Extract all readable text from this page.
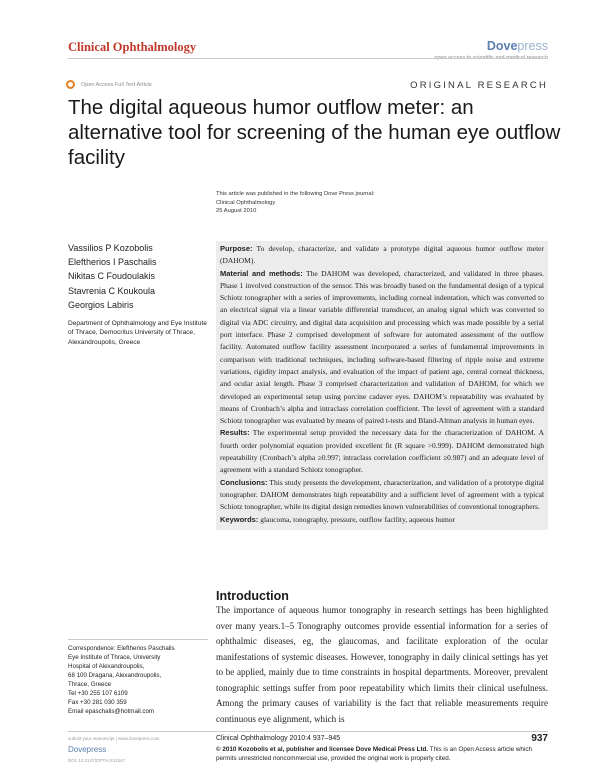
Clinical Ophthalmology	Dovepress
open access to scientific and medical research
Open Access Full Text Article	ORIGINAL RESEARCH
The digital aqueous humor outflow meter: an alternative tool for screening of the human eye outflow facility
This article was published in the following Dove Press journal:
Clinical Ophthalmology
25 August 2010
Vassilios P Kozobolis
Eleftherios I Paschalis
Nikitas C Foudoulakis
Stavrenia C Koukoula
Georgios Labiris
Department of Ophthalmology and Eye Institute of Thrace, Democritus University of Thrace, Alexandroupolis, Greece

Purpose: To develop, characterize, and validate a prototype digital aqueous humor outflow meter (DAHOM).

Material and methods: The DAHOM was developed, characterized, and validated in three phases. Phase 1 involved construction of the sensor. This was broadly based on the fundamental design of a typical Schiotz tonographer with a series of improvements, including corneal indentation, which was converted to an electrical signal via a linear variable differential transducer, an analog signal which was converted to digital via ADC circuitry, and digital data acquisition and processing which was made possible by a serial port interface. Phase 2 comprised development of software for automated assessment of the outflow facility. Automated outflow facility assessment incorporated a series of fundamental improvements in comparison with traditional techniques, including software-based filtering of ripple noise and extreme variations, rigidity impact analysis, and evaluation of the impact of patient age, central corneal thickness, and ocular axial length. Phase 3 comprised characterization and validation of DAHOM, for which we developed an experimental setup using porcine cadaver eyes. DAHOM’s repeatability was evaluated by means of Cronbach’s alpha and intraclass correlation coefficient. The level of agreement with a standard Schiotz tonographer was evaluated by means of paired t-tests and Bland-Altman analysis in human eyes.

Results: The experimental setup provided the necessary data for the characterization of DAHOM. A fourth order polynomial equation provided excellent fit (R square >0.999). DAHOM demonstrated high repeatability (Cronbach’s alpha ≥0.997; intraclass correlation coefficient ≥0.987) and an adequate level of agreement with a standard Schiotz tonographer.

Conclusions: This study presents the development, characterization, and validation of a prototype digital tonographer. DAHOM demonstrates high repeatability and a sufficient level of agreement with a typical Schiotz tonographer, while its digital design remedies known vulnerabilities of conventional tonographers.

Keywords: glaucoma, tonography, pressure, outflow facility, aqueous humor

Introduction
The importance of aqueous humor tonography in research settings has been highlighted over many years.1–5 Tonography outcomes provide essential information for a series of ophthalmic diseases, eg, the glaucomas, and facilitate exploration of the ocular manifestations of systemic diseases. However, tonography in daily clinical settings has yet to be applied, mainly due to time constraints in hospital departments. Moreover, prevalent tonographic settings suffer from poor repeatability which limits their clinical usefulness. Among the primary causes of variability is the fact that reliable measurements require continuous eye alignment, which is
Correspondence: Eleftherios Paschalis
Eye Institute of Thrace, University
Hospital of Alexandroupolis,
68 100 Dragana, Alexandroupolis,
Thrace, Greece
Tel +30 255 107 6109
Fax +30 281 030 359
Email epaschalis@hotmail.com
submit your manuscript | www.dovepress.com
Dovepress
DOI: 10.2147/OPTH.S11347
Clinical Ophthalmology 2010:4 937–945	937
© 2010 Kozobolis et al, publisher and licensee Dove Medical Press Ltd. This is an Open Access article which permits unrestricted noncommercial use, provided the original work is properly cited.
